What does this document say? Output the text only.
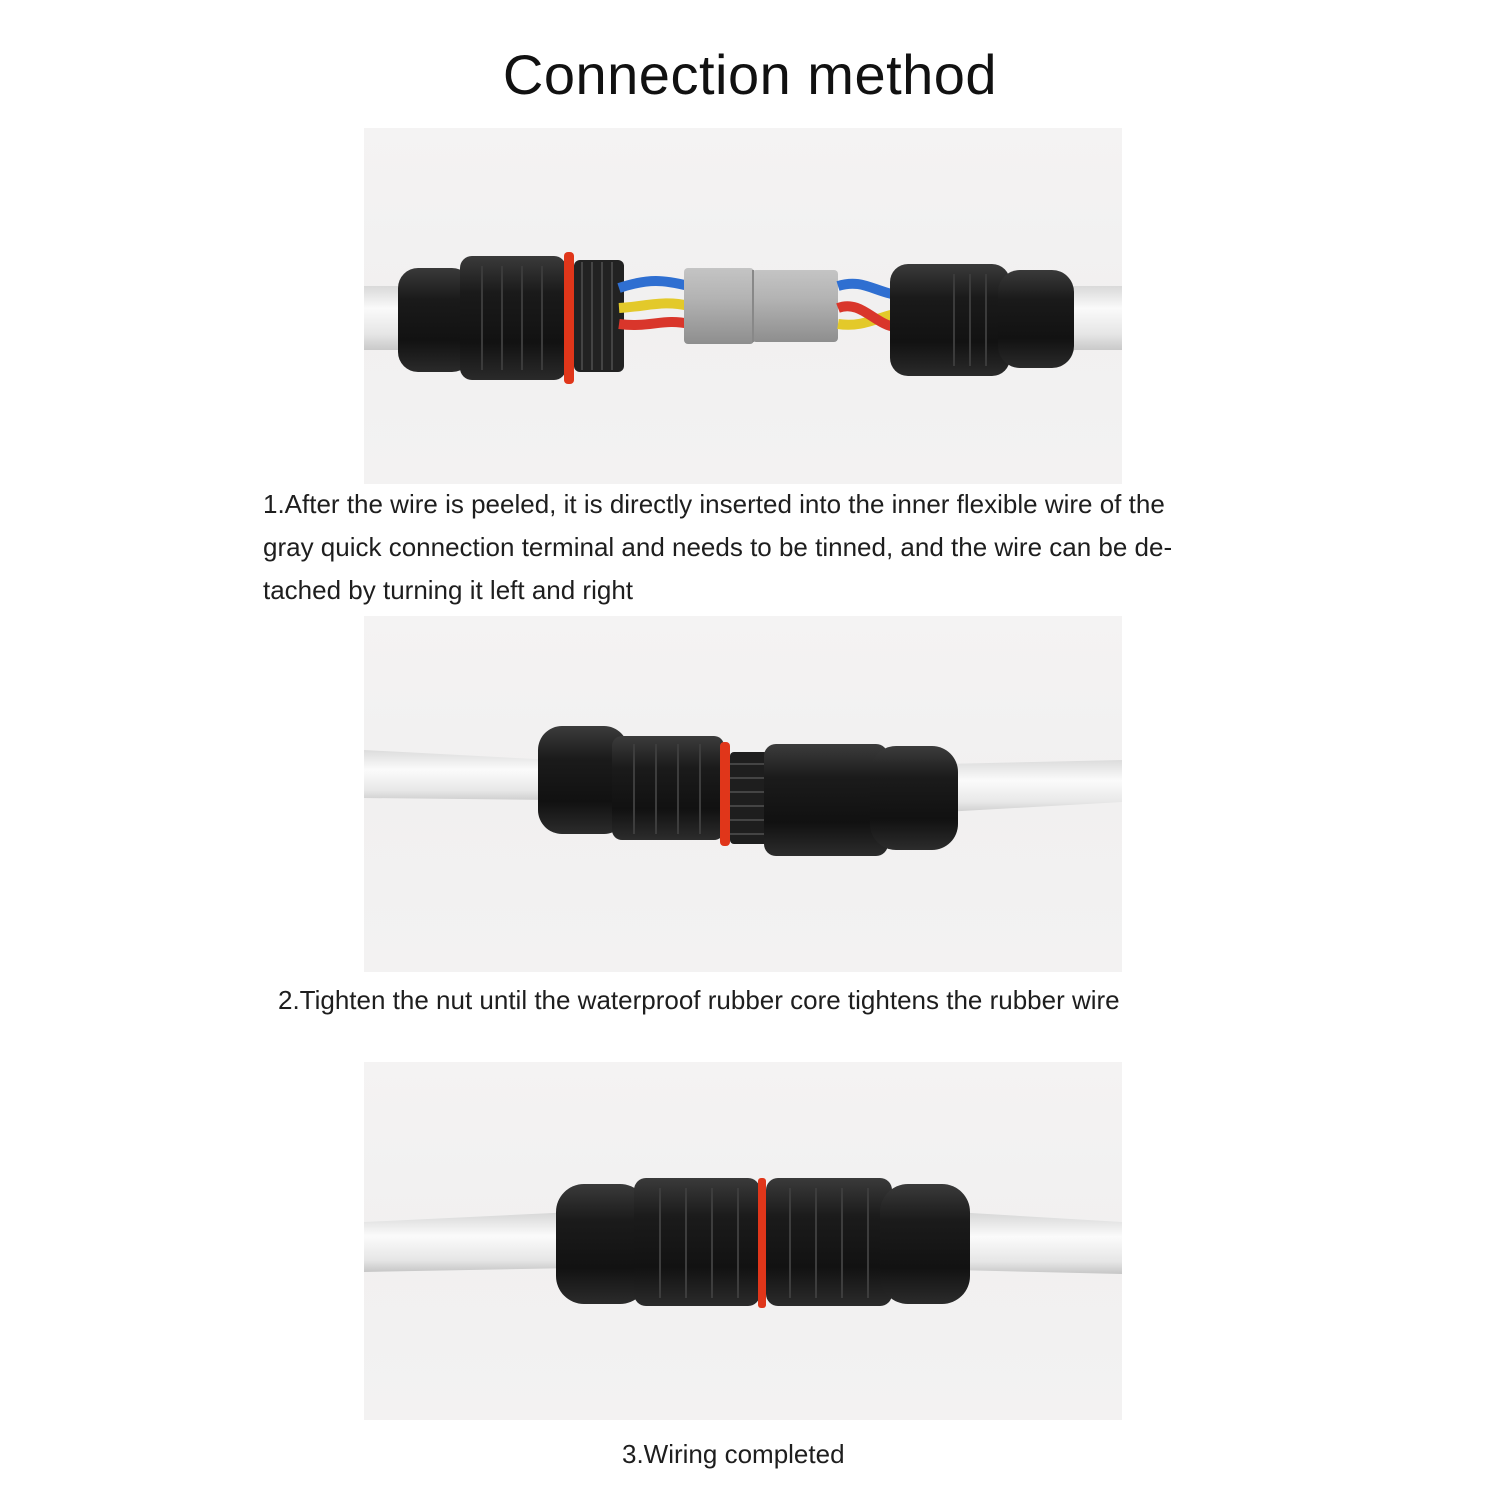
Connection method
1.After the wire is peeled, it is directly inserted into the inner flexible wire of the
gray quick connection terminal and needs to be tinned, and the wire can be de-
tached by turning it left and right
2.Tighten the nut until the waterproof rubber core tightens the rubber wire
3.Wiring completed
